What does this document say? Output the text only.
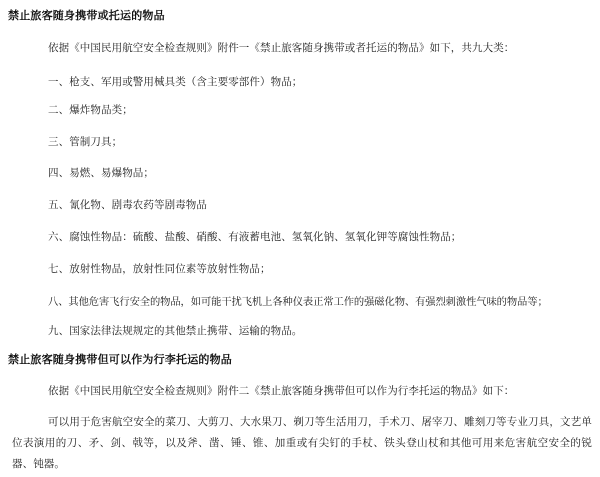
禁止旅客随身携带或托运的物品
依据《中国民用航空安全检查规则》附件一《禁止旅客随身携带或者托运的物品》如下，共九大类：
一、枪支、军用或警用械具类（含主要零部件）物品；
二、爆炸物品类；
三、管制刀具；
四、易燃、易爆物品；
五、氰化物、剧毒农药等剧毒物品
六、腐蚀性物品：硫酸、盐酸、硝酸、有液蓄电池、氢氧化钠、氢氧化钾等腐蚀性物品；
七、放射性物品，放射性同位素等放射性物品；
八、其他危害飞行安全的物品，如可能干扰飞机上各种仪表正常工作的强磁化物、有强烈刺激性气味的物品等；
九、国家法律法规规定的其他禁止携带、运输的物品。
禁止旅客随身携带但可以作为行李托运的物品
依据《中国民用航空安全检查规则》附件二《禁止旅客随身携带但可以作为行李托运的物品》如下：
可以用于危害航空安全的菜刀、大剪刀、大水果刀、剃刀等生活用刀，手术刀、屠宰刀、雕刻刀等专业刀具，文艺单位表演用的刀、矛、剑、戟等，以及斧、凿、锤、锥、加重或有尖钉的手杖、铁头登山杖和其他可用来危害航空安全的锐器、钝器。
